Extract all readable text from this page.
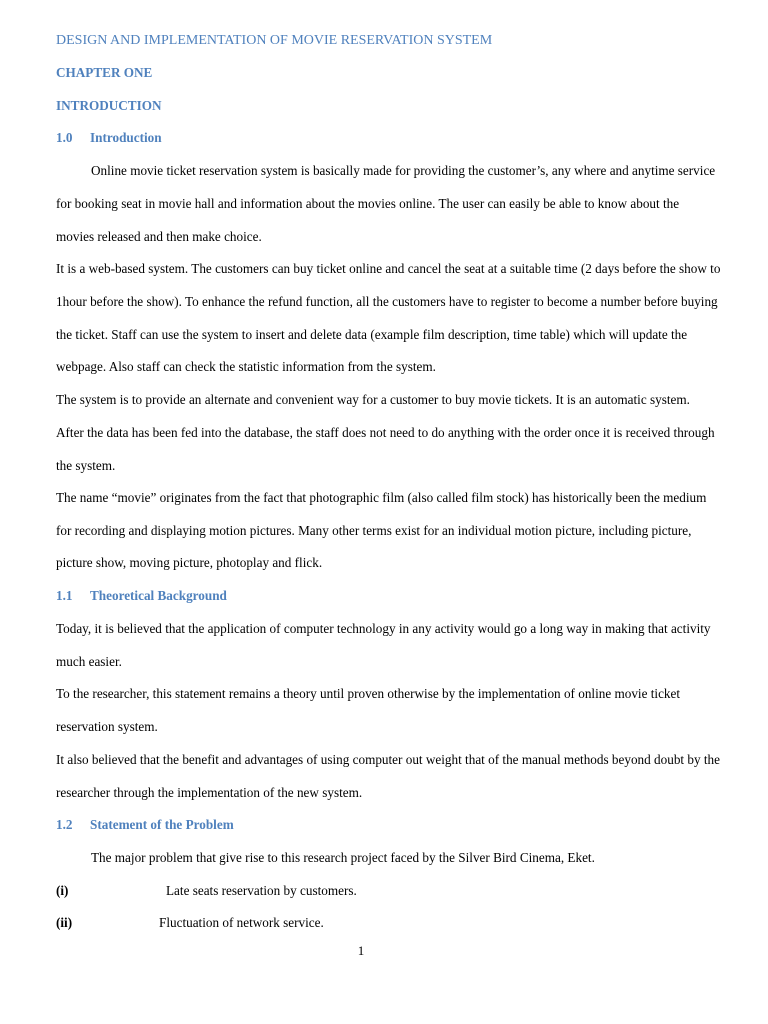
DESIGN AND IMPLEMENTATION OF MOVIE RESERVATION SYSTEM
CHAPTER ONE
INTRODUCTION
1.0 Introduction
Online movie ticket reservation system is basically made for providing the customer’s, any where and anytime service
for booking seat in movie hall and information about the movies online. The user can easily be able to know about the
movies released and then make choice.
It is a web-based system. The customers can buy ticket online and cancel the seat at a suitable time (2 days before the show to
1hour before the show). To enhance the refund function, all the customers have to register to become a number before buying
the ticket. Staff can use the system to insert and delete data (example film description, time table) which will update the
webpage. Also staff can check the statistic information from the system.
The system is to provide an alternate and convenient way for a customer to buy movie tickets. It is an automatic system.
After the data has been fed into the database, the staff does not need to do anything with the order once it is received through
the system.
The name “movie” originates from the fact that photographic film (also called film stock) has historically been the medium
for recording and displaying motion pictures. Many other terms exist for an individual motion picture, including picture,
picture show, moving picture, photoplay and flick.
1.1 Theoretical Background
Today, it is believed that the application of computer technology in any activity would go a long way in making that activity
much easier.
To the researcher, this statement remains a theory until proven otherwise by the implementation of online movie ticket
reservation system.
It also believed that the benefit and advantages of using computer out weight that of the manual methods beyond doubt by the
researcher through the implementation of the new system.
1.2 Statement of the Problem
The major problem that give rise to this research project faced by the Silver Bird Cinema, Eket.
(i)	Late seats reservation by customers.
(ii)	Fluctuation of network service.
1
